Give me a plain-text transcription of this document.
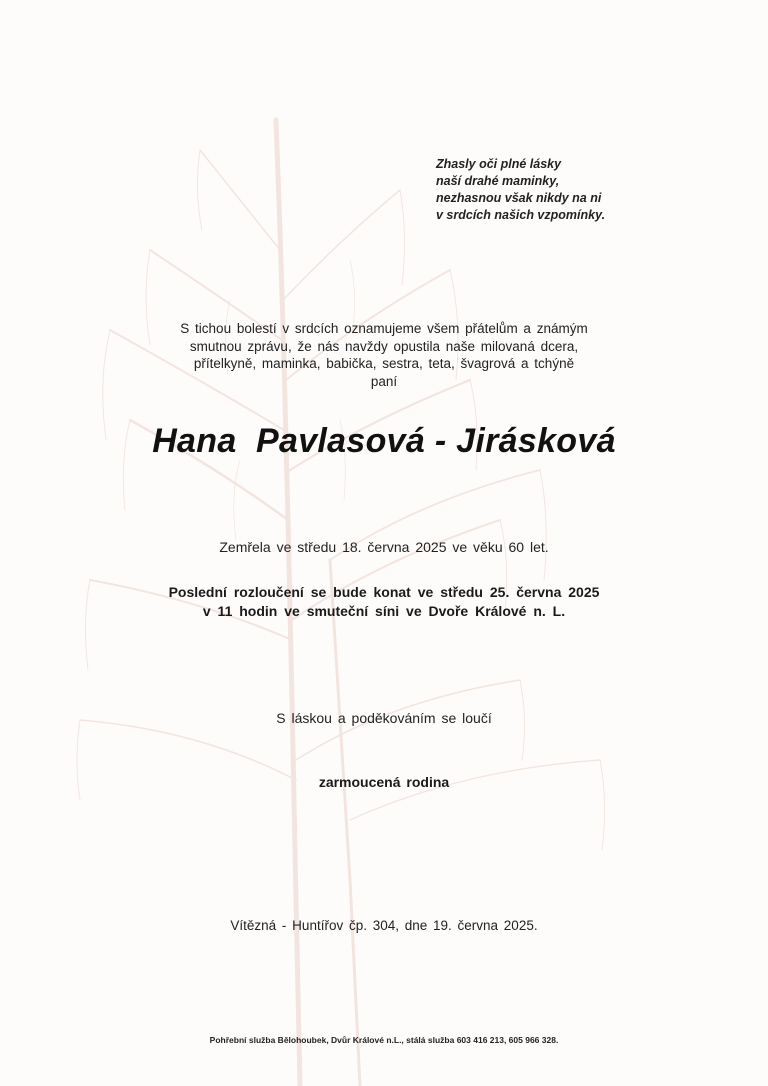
Zhasly oči plné lásky
naší drahé maminky,
nezhasnou však nikdy na ni
v srdcích našich vzpomínky.
S tichou bolestí v srdcích oznamujeme všem přátelům a známým
smutnou zprávu, že nás navždy opustila naše milovaná dcera,
přítelkyně, maminka, babička, sestra, teta, švagrová a tchýně
paní
Hana  Pavlasová - Jirásková
Zemřela ve středu 18. června 2025 ve věku 60 let.
Poslední rozloučení se bude konat ve středu 25. června 2025
v 11 hodin ve smuteční síni ve Dvoře Králové n. L.
S láskou a poděkováním se loučí
zarmoucená rodina
Vítězná - Huntířov čp. 304, dne 19. června 2025.
Pohřební služba Bělohoubek, Dvůr Králové n.L., stálá služba 603 416 213, 605 966 328.
